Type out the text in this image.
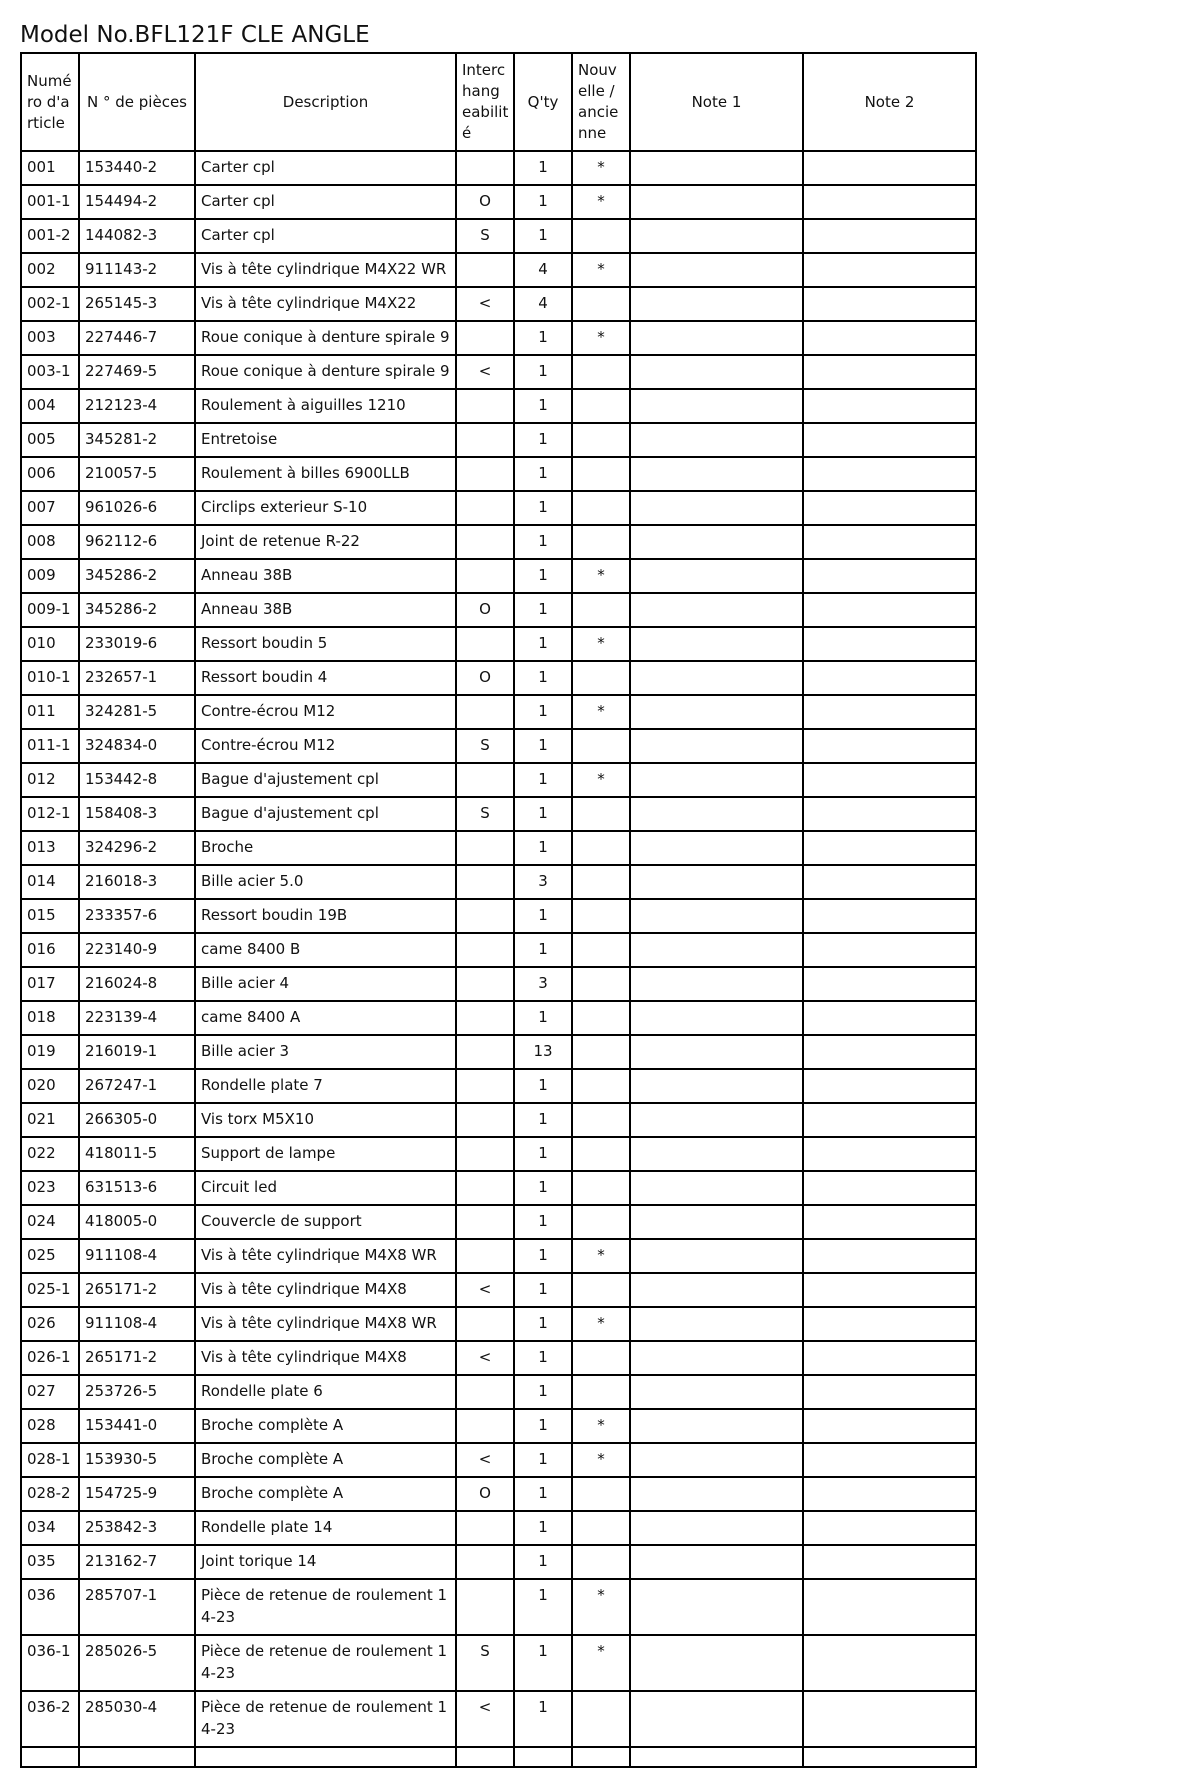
Model No.BFL121F CLE ANGLE
Numé ro d'a rticle	N ° de pièces	Description	Interc hang eabilit é	Q'ty	Nouv elle / ancie nne	Note 1	Note 2
001	153440-2	Carter cpl		1	*		
001-1	154494-2	Carter cpl	O	1	*		
001-2	144082-3	Carter cpl	S	1			
002	911143-2	Vis à tête cylindrique M4X22 WR		4	*		
002-1	265145-3	Vis à tête cylindrique M4X22	<	4			
003	227446-7	Roue conique à denture spirale 9		1	*		
003-1	227469-5	Roue conique à denture spirale 9	<	1			
004	212123-4	Roulement à aiguilles 1210		1			
005	345281-2	Entretoise		1			
006	210057-5	Roulement à billes 6900LLB		1			
007	961026-6	Circlips exterieur S-10		1			
008	962112-6	Joint de retenue R-22		1			
009	345286-2	Anneau 38B		1	*		
009-1	345286-2	Anneau 38B	O	1			
010	233019-6	Ressort boudin 5		1	*		
010-1	232657-1	Ressort boudin 4	O	1			
011	324281-5	Contre-écrou M12		1	*		
011-1	324834-0	Contre-écrou M12	S	1			
012	153442-8	Bague d'ajustement cpl		1	*		
012-1	158408-3	Bague d'ajustement cpl	S	1			
013	324296-2	Broche		1			
014	216018-3	Bille acier 5.0		3			
015	233357-6	Ressort boudin 19B		1			
016	223140-9	came 8400 B		1			
017	216024-8	Bille acier 4		3			
018	223139-4	came 8400 A		1			
019	216019-1	Bille acier 3		13			
020	267247-1	Rondelle plate 7		1			
021	266305-0	Vis torx M5X10		1			
022	418011-5	Support de lampe		1			
023	631513-6	Circuit led		1			
024	418005-0	Couvercle de support		1			
025	911108-4	Vis à tête cylindrique M4X8 WR		1	*		
025-1	265171-2	Vis à tête cylindrique M4X8	<	1			
026	911108-4	Vis à tête cylindrique M4X8 WR		1	*		
026-1	265171-2	Vis à tête cylindrique M4X8	<	1			
027	253726-5	Rondelle plate 6		1			
028	153441-0	Broche complète A		1	*		
028-1	153930-5	Broche complète A	<	1	*		
028-2	154725-9	Broche complète A	O	1			
034	253842-3	Rondelle plate 14		1			
035	213162-7	Joint torique 14		1			
036	285707-1	Pièce de retenue de roulement 1 4-23		1	*		
036-1	285026-5	Pièce de retenue de roulement 1 4-23	S	1	*		
036-2	285030-4	Pièce de retenue de roulement 1 4-23	<	1			
